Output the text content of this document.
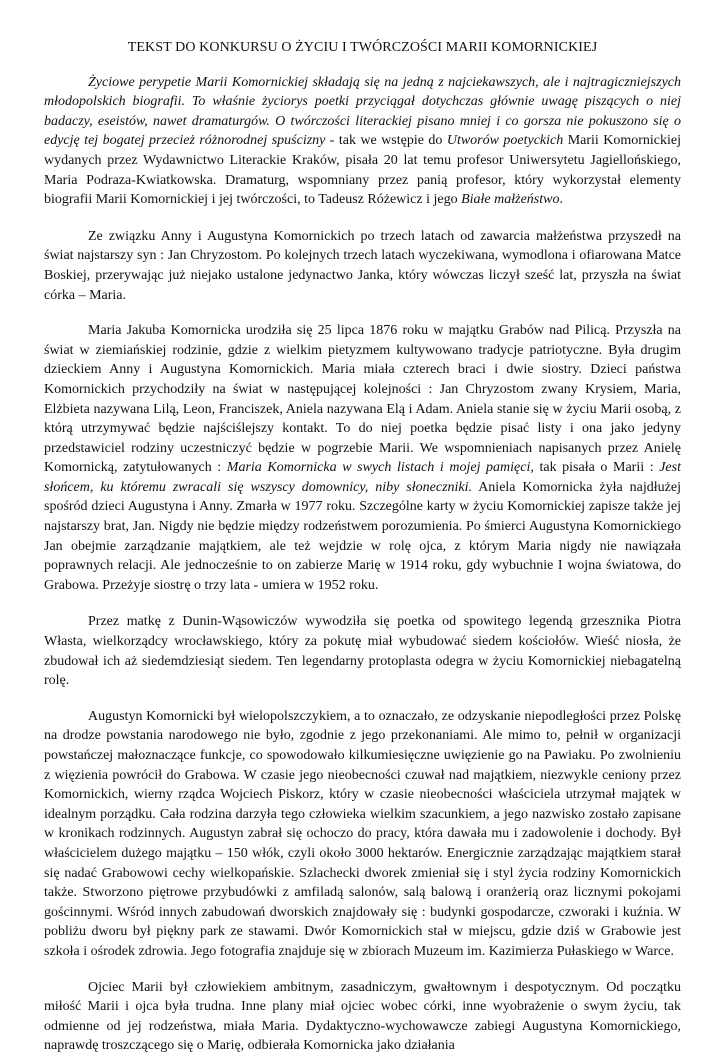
TEKST DO KONKURSU O ŻYCIU I TWÓRCZOŚCI MARII KOMORNICKIEJ

Życiowe perypetie Marii Komornickiej składają się na jedną z najciekawszych, ale i najtragiczniejszych młodopolskich biografii. To właśnie życiorys poetki przyciągał dotychczas głównie uwagę piszących o niej badaczy, eseistów, nawet dramaturgów. O twórczości literackiej pisano mniej i co gorsza nie pokuszono się o edycję tej bogatej przecież różnorodnej spuścizny - tak we wstępie do Utworów poetyckich Marii Komornickiej wydanych przez Wydawnictwo Literackie Kraków, pisała 20 lat temu profesor Uniwersytetu Jagiellońskiego, Maria Podraza-Kwiatkowska. Dramaturg, wspomniany przez panią profesor, który wykorzystał elementy biografii Marii Komornickiej i jej twórczości, to Tadeusz Różewicz i jego Białe małżeństwo.

Ze związku Anny i Augustyna Komornickich po trzech latach od zawarcia małżeństwa przyszedł na świat najstarszy syn : Jan Chryzostom. Po kolejnych trzech latach wyczekiwana, wymodlona i ofiarowana Matce Boskiej, przerywając już niejako ustalone jedynactwo Janka, który wówczas liczył sześć lat, przyszła na świat córka – Maria.

Maria Jakuba Komornicka urodziła się 25 lipca 1876 roku w majątku Grabów nad Pilicą. Przyszła na świat w ziemiańskiej rodzinie, gdzie z wielkim pietyzmem kultywowano tradycje patriotyczne. Była drugim dzieckiem Anny i Augustyna Komornickich. Maria miała czterech braci i dwie siostry. Dzieci państwa Komornickich przychodziły na świat w następującej kolejności : Jan Chryzostom zwany Krysiem, Maria, Elżbieta nazywana Lilą, Leon, Franciszek, Aniela nazywana Elą i Adam. Aniela stanie się w życiu Marii osobą, z którą utrzymywać będzie najściślejszy kontakt. To do niej poetka będzie pisać listy i ona jako jedyny przedstawiciel rodziny uczestniczyć będzie w pogrzebie Marii. We wspomnieniach napisanych przez Anielę Komornicką, zatytułowanych : Maria Komornicka w swych listach i mojej pamięci, tak pisała o Marii : Jest słońcem, ku któremu zwracali się wszyscy domownicy, niby słoneczniki. Aniela Komornicka żyła najdłużej spośród dzieci Augustyna i Anny. Zmarła w 1977 roku. Szczególne karty w życiu Komornickiej zapisze także jej najstarszy brat, Jan. Nigdy nie będzie między rodzeństwem porozumienia. Po śmierci Augustyna Komornickiego Jan obejmie zarządzanie majątkiem, ale też wejdzie w rolę ojca, z którym Maria nigdy nie nawiązała poprawnych relacji. Ale jednocześnie to on zabierze Marię w 1914 roku, gdy wybuchnie I wojna światowa, do Grabowa. Przeżyje siostrę o trzy lata - umiera w 1952 roku.

Przez matkę z Dunin-Wąsowiczów wywodziła się poetka od spowitego legendą grzesznika Piotra Własta, wielkorządcy wrocławskiego, który za pokutę miał wybudować siedem kościołów. Wieść niosła, że zbudował ich aż siedemdziesiąt siedem. Ten legendarny protoplasta odegra w życiu Komornickiej niebagatelną rolę.

Augustyn Komornicki był wielopolszczykiem, a to oznaczało, ze odzyskanie niepodległości przez Polskę na drodze powstania narodowego nie było, zgodnie z jego przekonaniami. Ale mimo to, pełnił w organizacji powstańczej małoznaczące funkcje, co spowodowało kilkumiesięczne uwięzienie go na Pawiaku. Po zwolnieniu z więzienia powrócił do Grabowa. W czasie jego nieobecności czuwał nad majątkiem, niezwykle ceniony przez Komornickich, wierny rządca Wojciech Piskorz, który w czasie nieobecności właściciela utrzymał majątek w idealnym porządku. Cała rodzina darzyła tego człowieka wielkim szacunkiem, a jego nazwisko zostało zapisane w kronikach rodzinnych. Augustyn zabrał się ochoczo do pracy, która dawała mu i zadowolenie i dochody. Był właścicielem dużego majątku – 150 włók, czyli około 3000 hektarów. Energicznie zarządzając majątkiem starał się nadać Grabowowi cechy wielkopańskie. Szlachecki dworek zmieniał się i styl życia rodziny Komornickich także. Stworzono piętrowe przybudówki z amfiladą salonów, salą balową i oranżerią oraz licznymi pokojami gościnnymi. Wśród innych zabudowań dworskich znajdowały się : budynki gospodarcze, czworaki i kuźnia. W pobliżu dworu był piękny park ze stawami. Dwór Komornickich stał w miejscu, gdzie dziś w Grabowie jest szkoła i ośrodek zdrowia. Jego fotografia znajduje się w zbiorach Muzeum im. Kazimierza Pułaskiego w Warce.

Ojciec Marii był człowiekiem ambitnym, zasadniczym, gwałtownym i despotycznym. Od początku miłość Marii i ojca była trudna. Inne plany miał ojciec wobec córki, inne wyobrażenie o swym życiu, tak odmienne od jej rodzeństwa, miała Maria. Dydaktyczno-wychowawcze zabiegi Augustyna Komornickiego, naprawdę troszczącego się o Marię, odbierała Komornicka jako działania
